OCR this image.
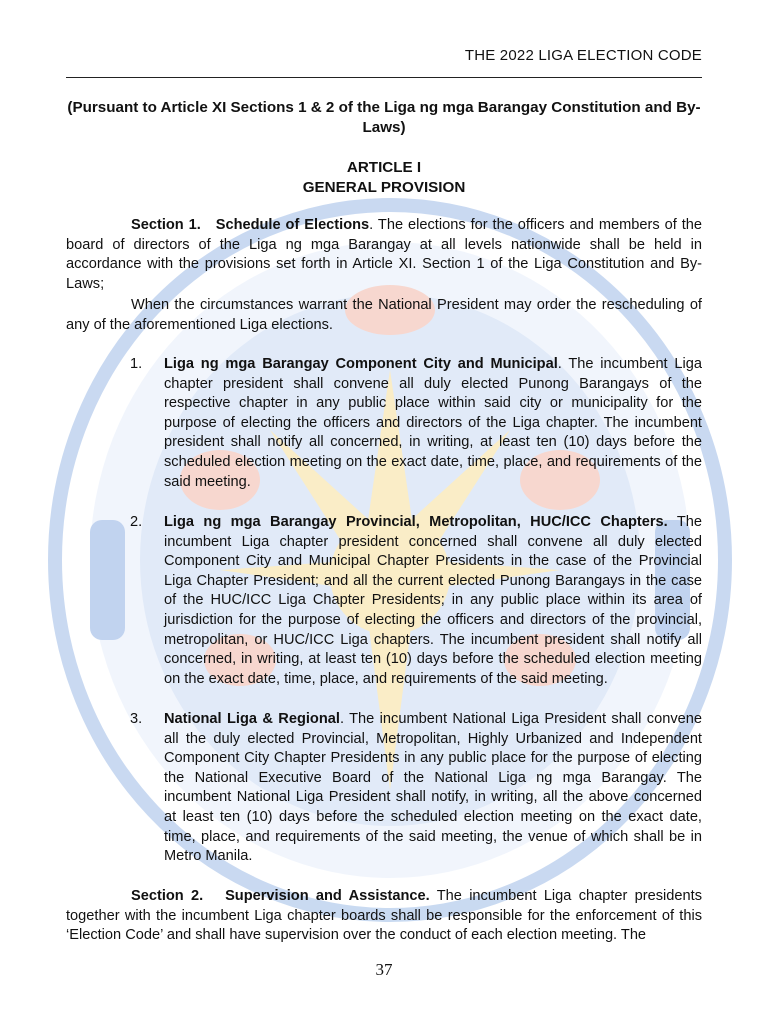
THE 2022 LIGA ELECTION CODE
(Pursuant to Article XI Sections 1 & 2 of the Liga ng mga Barangay Constitution and By-Laws)
ARTICLE I
GENERAL PROVISION
Section 1. Schedule of Elections. The elections for the officers and members of the board of directors of the Liga ng mga Barangay at all levels nationwide shall be held in accordance with the provisions set forth in Article XI. Section 1 of the Liga Constitution and By-Laws;
When the circumstances warrant the National President may order the rescheduling of any of the aforementioned Liga elections.
1. Liga ng mga Barangay Component City and Municipal. The incumbent Liga chapter president shall convene all duly elected Punong Barangays of the respective chapter in any public place within said city or municipality for the purpose of electing the officers and directors of the Liga chapter. The incumbent president shall notify all concerned, in writing, at least ten (10) days before the scheduled election meeting on the exact date, time, place, and requirements of the said meeting.
2. Liga ng mga Barangay Provincial, Metropolitan, HUC/ICC Chapters. The incumbent Liga chapter president concerned shall convene all duly elected Component City and Municipal Chapter Presidents in the case of the Provincial Liga Chapter President; and all the current elected Punong Barangays in the case of the HUC/ICC Liga Chapter Presidents; in any public place within its area of jurisdiction for the purpose of electing the officers and directors of the provincial, metropolitan, or HUC/ICC Liga chapters. The incumbent president shall notify all concerned, in writing, at least ten (10) days before the scheduled election meeting on the exact date, time, place, and requirements of the said meeting.
3. National Liga & Regional. The incumbent National Liga President shall convene all the duly elected Provincial, Metropolitan, Highly Urbanized and Independent Component City Chapter Presidents in any public place for the purpose of electing the National Executive Board of the National Liga ng mga Barangay. The incumbent National Liga President shall notify, in writing, all the above concerned at least ten (10) days before the scheduled election meeting on the exact date, time, place, and requirements of the said meeting, the venue of which shall be in Metro Manila.
Section 2. Supervision and Assistance. The incumbent Liga chapter presidents together with the incumbent Liga chapter boards shall be responsible for the enforcement of this ‘Election Code’ and shall have supervision over the conduct of each election meeting. The
37
